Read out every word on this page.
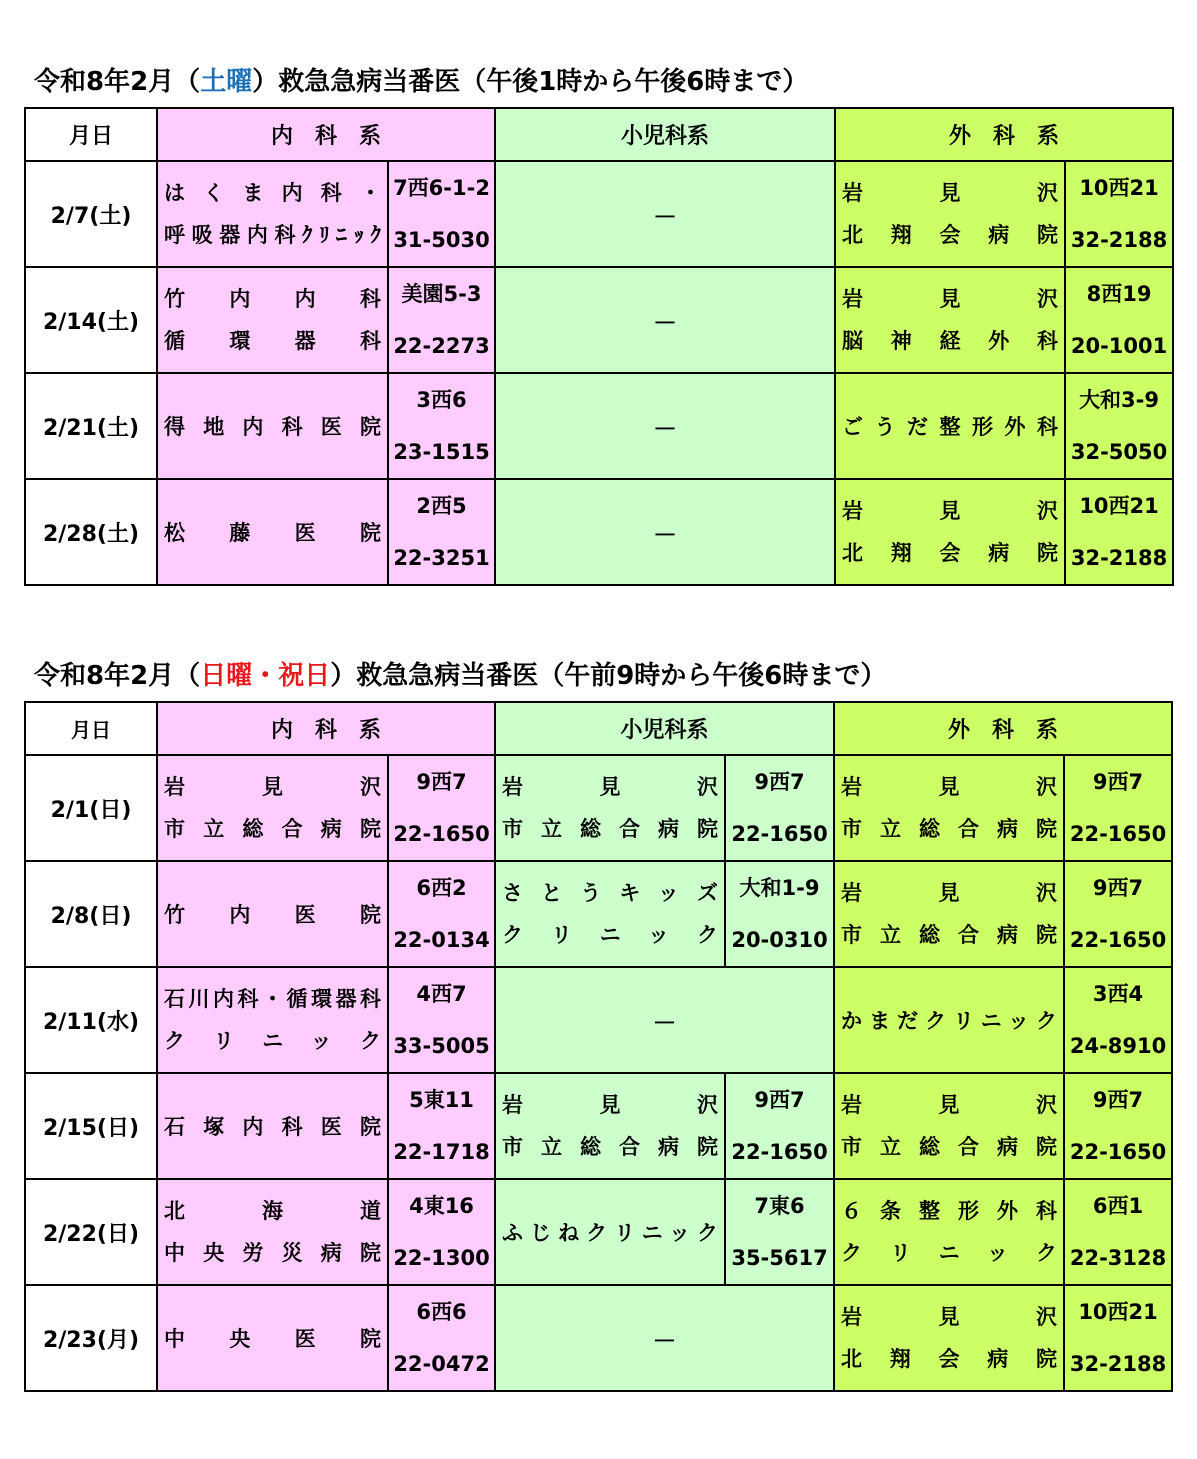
令和8年2月（土曜）救急急病当番医（午後1時から午後6時まで）
月日	内　科　系		小児科系	外　科　系	
2/7(土)	はくま内科・
呼吸器内科ｸﾘﾆｯｸ	7西6-1-2
31-5030	－	岩見沢
北翔会病院	10西21
32-2188

2/14(土)	竹内内科
循環器科	美園5-3
22-2273	－	岩見沢
脳神経外科	8西19
20-1001

2/21(土)	得地内科医院	3西6
23-1515	－	ごうだ整形外科	大和3-9
32-5050

2/28(土)	松藤医院	2西5
22-3251	－	岩見沢
北翔会病院	10西21
32-2188
令和8年2月（日曜・祝日）救急急病当番医（午前9時から午後6時まで）
月日	内　科　系		小児科系		外　科　系	
2/1(日)	岩見沢
市立総合病院	9西7
22-1650	岩見沢
市立総合病院	9西7
22-1650	岩見沢
市立総合病院	9西7
22-1650

2/8(日)	竹内医院	6西2
22-0134	さとうキッズ
クリニック	大和1-9
20-0310	岩見沢
市立総合病院	9西7
22-1650

2/11(水)	石川内科・循環器科
クリニック	4西7
33-5005	－		かまだクリニック	3西4
24-8910

2/15(日)	石塚内科医院	5東11
22-1718	岩見沢
市立総合病院	9西7
22-1650	岩見沢
市立総合病院	9西7
22-1650

2/22(日)	北海道
中央労災病院	4東16
22-1300	ふじねクリニック	7東6
35-5617	６条整形外科
クリニック	6西1
22-3128

2/23(月)	中央医院	6西6
22-0472	－		岩見沢
北翔会病院	10西21
32-2188
